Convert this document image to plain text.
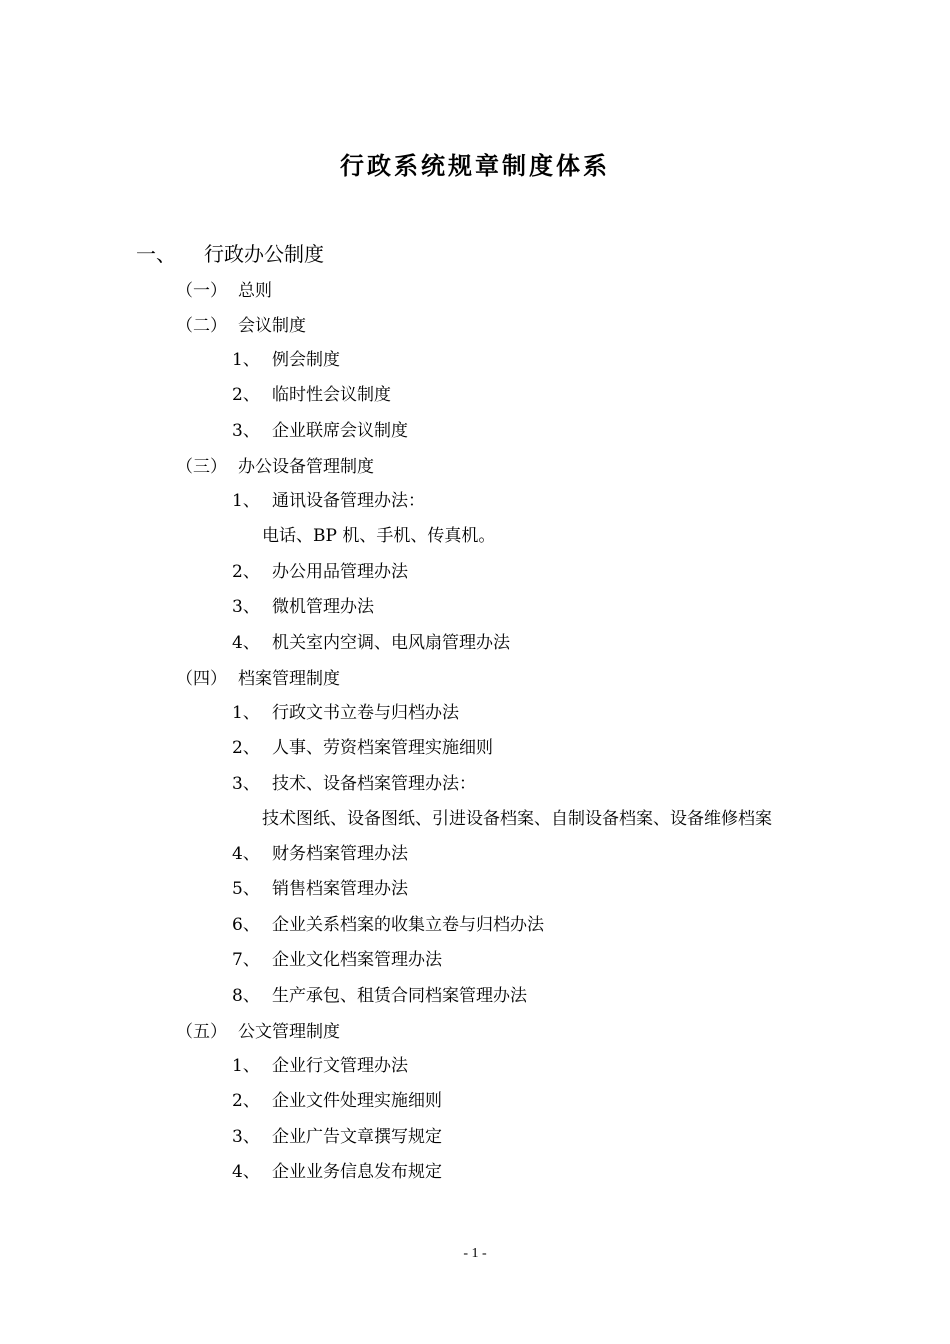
行政系统规章制度体系
一、 行政办公制度
（一） 总则
（二） 会议制度
1、 例会制度
2、 临时性会议制度
3、 企业联席会议制度
（三） 办公设备管理制度
1、 通讯设备管理办法：
电话、BP 机、手机、传真机。
2、 办公用品管理办法
3、 微机管理办法
4、 机关室内空调、电风扇管理办法
（四） 档案管理制度
1、 行政文书立卷与归档办法
2、 人事、劳资档案管理实施细则
3、 技术、设备档案管理办法：
技术图纸、设备图纸、引进设备档案、自制设备档案、设备维修档案
4、 财务档案管理办法
5、 销售档案管理办法
6、 企业关系档案的收集立卷与归档办法
7、 企业文化档案管理办法
8、 生产承包、租赁合同档案管理办法
（五） 公文管理制度
1、 企业行文管理办法
2、 企业文件处理实施细则
3、 企业广告文章撰写规定
4、 企业业务信息发布规定
- 1 -
